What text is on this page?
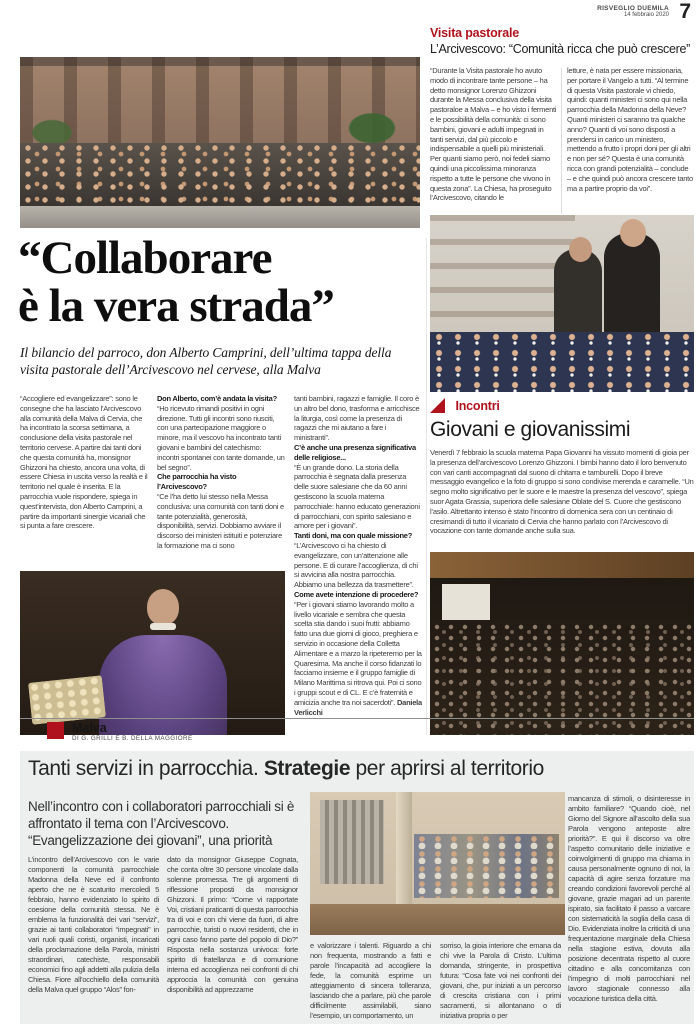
RISVEGLIO DUEMILA
14 febbraio 2020 7
Visita pastorale
L’Arcivescovo: “Comunità ricca che può crescere”
“Durante la Visita pastorale ho avuto modo di incontrare tante persone – ha detto monsignor Lorenzo Ghizzoni durante la Messa conclusiva della visita pastoraloe a Malva – e ho visto i fermenti e le possibilità della comunità: ci sono bambini, giovani e adulti impegnati in tanti servizi, dal più piccolo e indispensabile a quelli più ministeriali. Per quanti siamo però, noi fedeli siamo quindi una piccolissima minoranza rispetto a tutte le persone che vivono in questa zona”. La Chiesa, ha proseguito l’Arcivescovo, citando le
letture, è nata per essere missionaria, per portare il Vangelo a tutti. “Al termine di questa Visita pastorale vi chiedo, quindi: quanti ministeri ci sono qui nella parrocchia della Madonna della Neve? Quanti ministeri ci saranno tra qualche anno? Quanti di voi sono disposti a prendersi in carico un ministero, mettendo a frutto i propri doni per gli altri e non per sé? Questa è una comunità ricca con grandi potenzialità – conclude – e che quindi può ancora crescere tanto ma a partire proprio da voi”.
“Collaborare
è la vera strada”
Il bilancio del parroco, don Alberto Camprini, dell’ultima tappa della visita pastorale dell’Arcivescovo nel cervese, alla Malva
“Accogliere ed evangelizzare”: sono le consegne che ha lasciato l’Arcivescovo alla comunità della Malva di Cervia, che ha incontrato la scorsa settimana, a conclusione della visita pastorale nel territorio cervese. A partire dai tanti doni che questa comunità ha, monsignor Ghizzoni ha chiesto, ancora una volta, di essere Chiesa in uscita verso la realtà e il territorio nel quale è inserita. E la parrocchia vuole rispondere, spiega in quest’intervista, don Alberto Camprini, a partire da importanti sinergie vicariali che si punta a fare crescere.

Don Alberto, com’è andata la visita?

“Ho ricevuto rimandi positivi in ogni direzione. Tutti gli incontri sono riusciti, con una partecipazione maggiore o minore, ma il vescovo ha incontrato tanti giovani e bambini del catechismo: incontri spontanei con tante domande, un bel segno”.

Che parrocchia ha visto l’Arcivescovo?

“Ce l’ha detto lui stesso nella Messa conclusiva: una comunità con tanti doni e tante potenzialità, generosità, disponibilità, servizi. Dobbiamo avviare il discorso dei ministeri istituiti e potenziare la formazione ma ci sono

tanti bambini, ragazzi e famiglie. Il coro è un altro bel dono, trasforma e arricchisce la liturgia, così come la presenza di ragazzi che mi aiutano a fare i ministranti”.

C’è anche una presenza significativa delle religiose...

“È un grande dono. La storia della parrocchia è segnata dalla presenza delle suore salesiane che da 60 anni gestiscono la scuola materna parrocchiale: hanno educato generazioni di parrocchiani, con spirito salesiano e amore per i giovani”.

Tanti doni, ma con quale missione?

“L’Arcivescovo ci ha chiesto di evangelizzare, con un’attenzione alle persone. E di curare l’accoglienza, di chi si avvicina alla nostra parrocchia. Abbiamo una bellezza da trasmettere”.

Come avete intenzione di procedere?

“Per i giovani stiamo lavorando molto a livello vicariale e sembra che questa scelta stia dando i suoi frutti: abbiamo fatto una due giorni di gioco, preghiera e servizio in occasione della Colletta Alimentare e a marzo la ripeteremo per la Quaresima. Ma anche il corso fidanzati lo facciamo insieme e il gruppo famiglie di Milano Marittima si ritrova qui. Poi ci sono i gruppi scout e di CL. E c’è fraternità e amicizia anche tra noi sacerdoti”. Daniela Verlicchi

Incontri
Giovani e giovanissimi
Venerdì 7 febbraio la scuola materna Papa Giovanni ha vissuto momenti di gioia per la presenza dell’arcivescovo Lorenzo Ghizzoni. I bimbi hanno dato il loro benvenuto con vari canti accompagnati dal suono di chitarra e tamburelli. Dopo il breve messaggio evangelico e la foto di gruppo si sono condivise merenda e caramelle. “Un segno molto significativo per le suore e le maestre la presenza del vescovo”, spiega suor Agata Grassia, superiora delle salesiane Oblate del S. Cuore che gestiscono l’asilo. Altrettanto intenso è stato l’incontro di domenica sera con un centinaio di cresimandi di tutto il vicariato di Cervia che hanno parlato con l’Arcivescovo di vocazione con tante domande anche sulla sua.
Malva
DI G. GRILLI E B. DELLA MAGGIORE
Tanti servizi in parrocchia. Strategie per aprirsi al territorio
Nell’incontro con i collaboratori parrocchiali si è affrontato il tema con l’Arcivescovo. “Evangelizzazione dei giovani”, una priorità
L’incontro dell’Arcivescovo con le varie componenti la comunità parrocchiale Madonna della Neve ed il confronto aperto che ne è scaturito mercoledì 5 febbraio, hanno evidenziato lo spirito di coesione della comunità stessa. Ne è emblema la funzionalità dei vari “servizi”, grazie ai tanti collaboratori “impegnati” in vari ruoli quali coristi, organisti, incaricati della proclamazione della Parola, ministri straordinari, catechiste, responsabili economici fino agli addetti alla pulizia della Chiesa. Fiore all’occhiello della comunità della Malva quel gruppo “Alos” fon-
dato da monsignor Giuseppe Cognata, che conta oltre 30 persone vincolate dalla solenne promessa. Tre gli argomenti di riflessione proposti da monsignor Ghizzoni. Il primo: “Come vi rapportate Voi, cristiani praticanti di questa parrocchia tra di voi e con chi viene da fuori, di altre parrocchie, turisti o nuovi residenti, che in ogni caso fanno parte del popolo di Dio?” Risposta nella sostanza univoca: forte spirito di fratellanza e di comunione interna ed accoglienza nei confronti di chi approccia la comunità con genuina disponibilità ad apprezzarne
e valorizzare i talenti. Riguardo a chi non frequenta, mostrando a fatti e parole l’incapacità ad accogliere la fede, la comunità esprime un atteggiamento di sincera tolleranza, lasciando che a parlare, più che parole difficilmente assimilabili, siano l’esempio, un comportamento, un
sorriso, la gioia interiore che emana da chi vive la Parola di Cristo. L’ultima domanda, stringente, in prospettiva futura: “Cosa fate voi nei confronti dei giovani, che, pur iniziati a un percorso di crescita cristiana con i primi sacramenti, si allontanano o di iniziativa propria o per
mancanza di stimoli, o disinteresse in ambito familiare? “Quando cioè, nel Giorno del Signore all’ascolto della sua Parola vengono anteposte altre priorità?”. E qui il discorso va oltre l’aspetto comunitario delle iniziative e coinvolgimenti di gruppo ma chiama in causa personalmente ognuno di noi, la capacità di agire senza forzature ma creando condizioni favorevoli perché al giovane, grazie magari ad un parente ispirato, sia facilitato il passo a varcare con sistematicità la soglia della casa di Dio. Evidenziata inoltre la criticità di una frequentazione marginale della Chiesa nella stagione estiva, dovuta alla posizione decentrata rispetto al cuore cittadino e alla concomitanza con l’impegno di molti parrocchiani nel lavoro stagionale connesso alla vocazione turistica della città.
